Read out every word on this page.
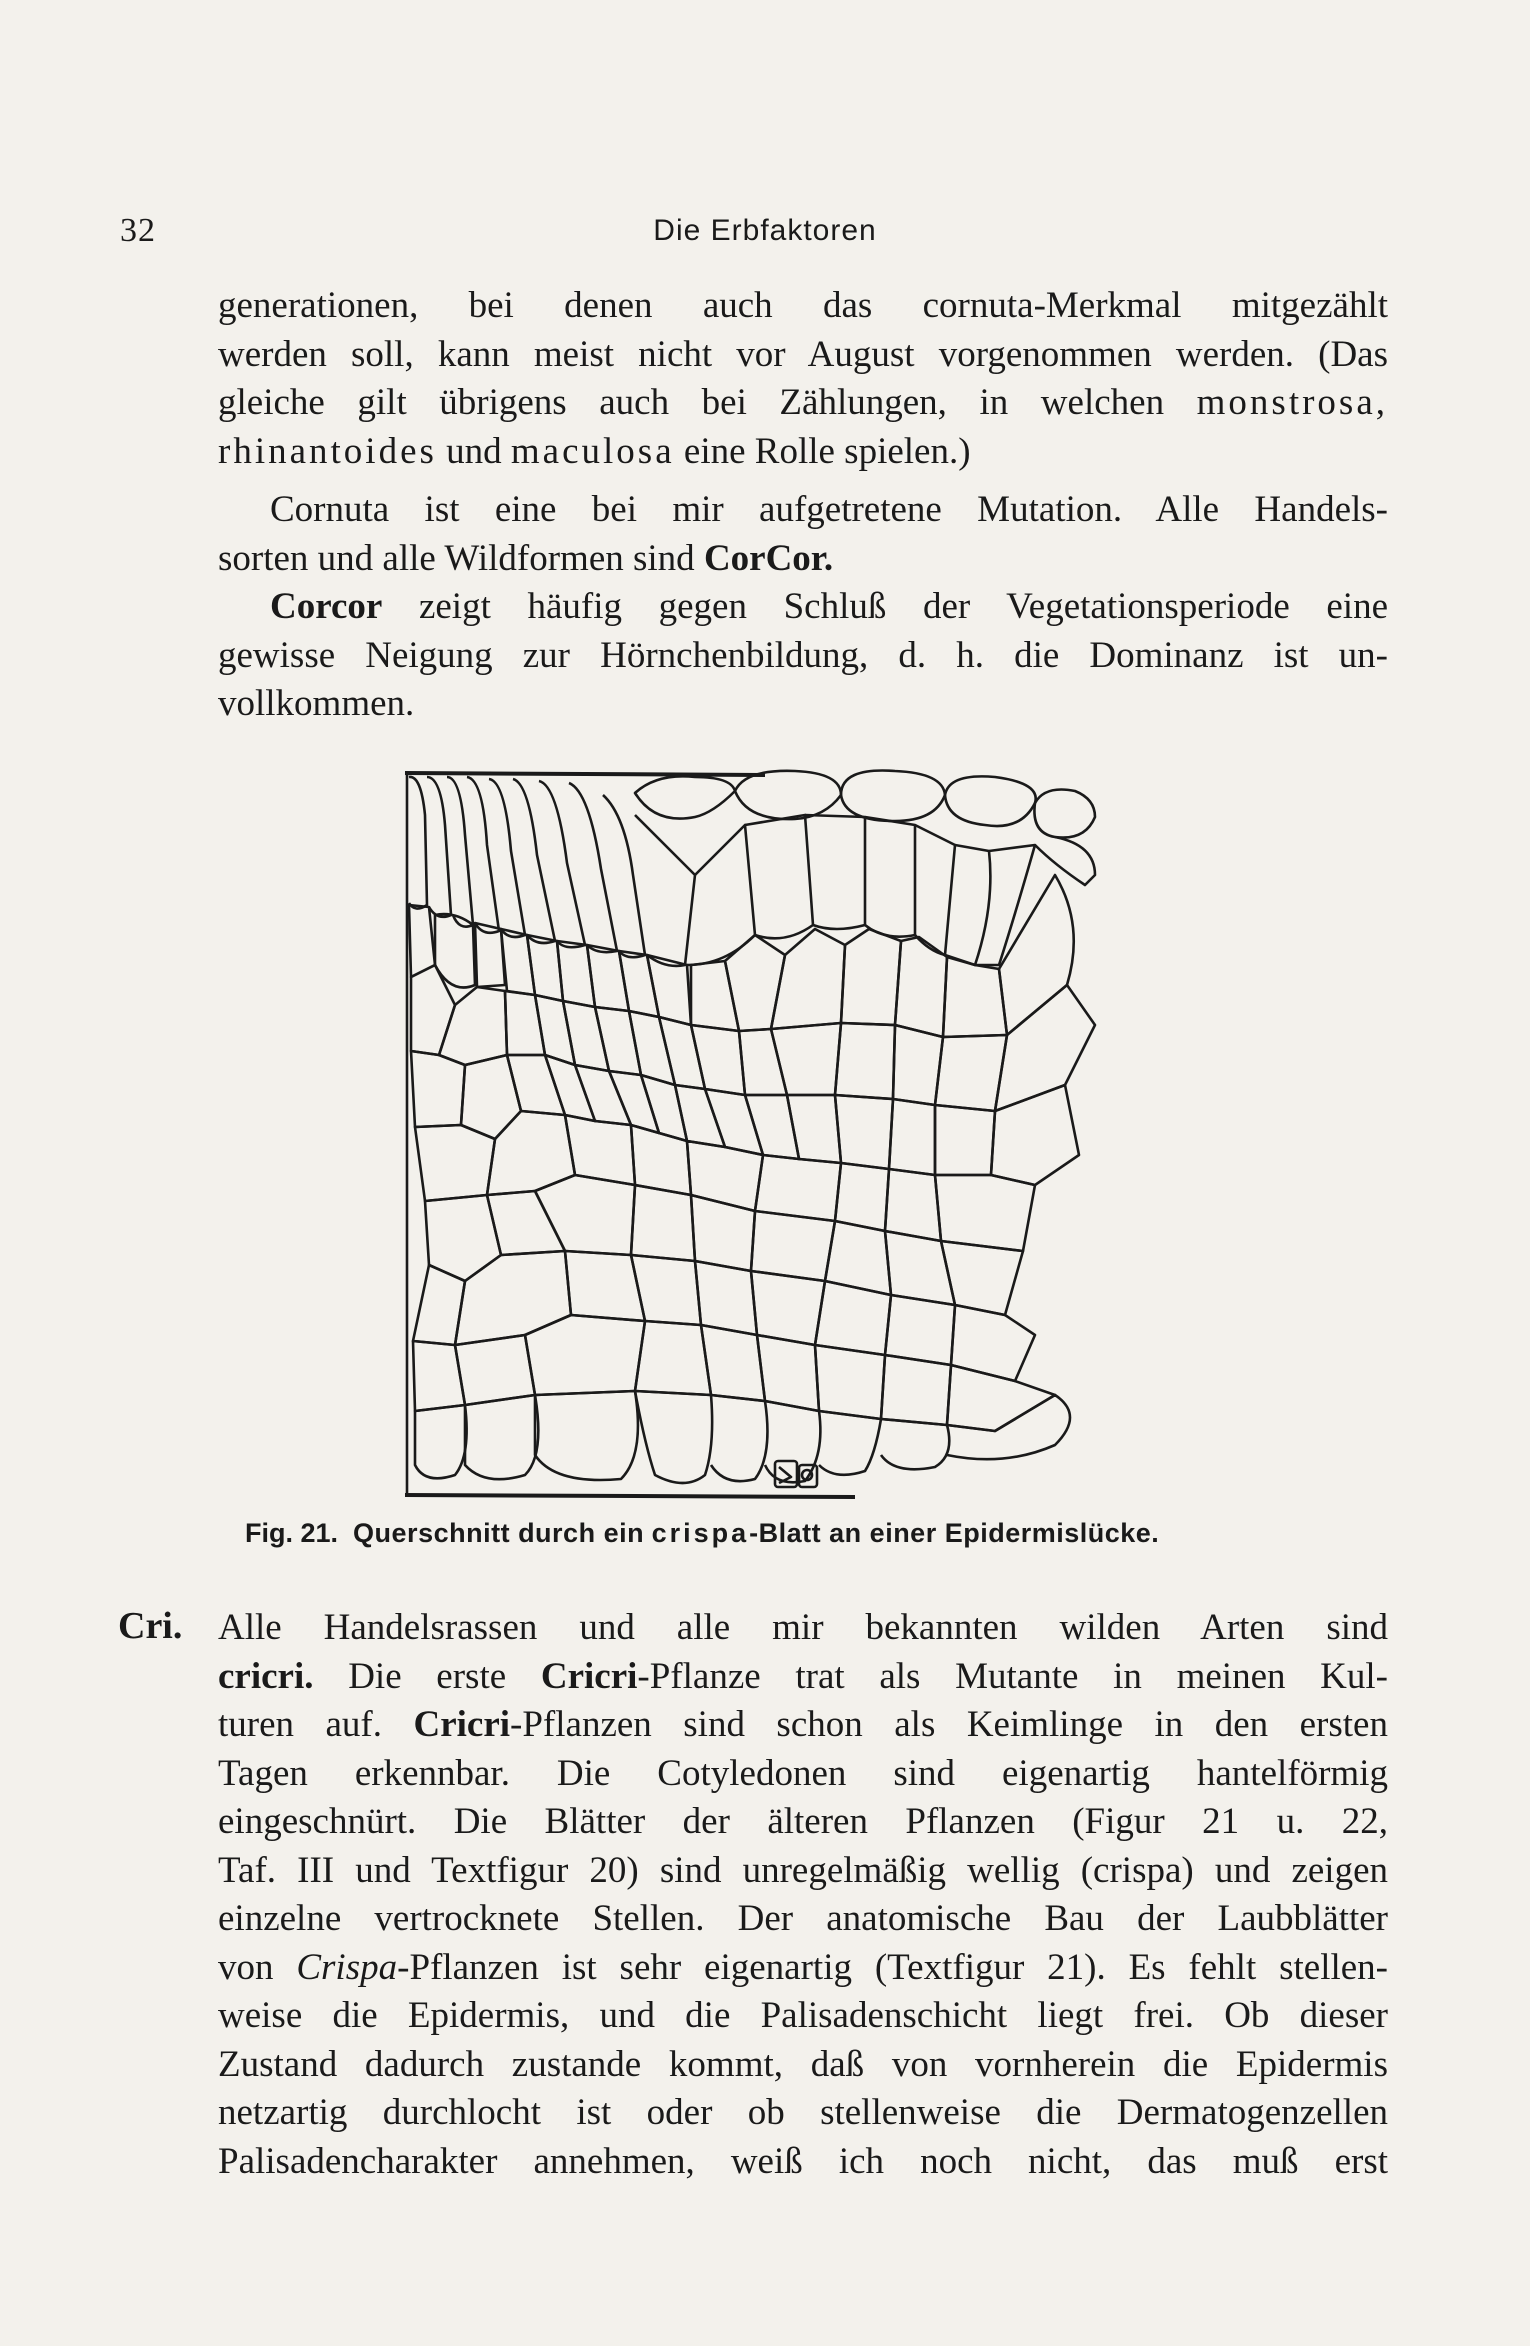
32	Die Erbfaktoren
generationen, bei denen auch das cornuta-Merkmal mitgezählt
werden soll, kann meist nicht vor August vorgenommen werden. (Das
gleiche gilt übrigens auch bei Zählungen, in welchen monstrosa,
rhinantoides und maculosa eine Rolle spielen.)
Cornuta ist eine bei mir aufgetretene Mutation. Alle Handels-
sorten und alle Wildformen sind CorCor.
Corcor zeigt häufig gegen Schluß der Vegetationsperiode eine
gewisse Neigung zur Hörnchenbildung, d. h. die Dominanz ist un-
vollkommen.
Fig. 21. Querschnitt durch ein crispa-Blatt an einer Epidermislücke.
Cri. Alle Handelsrassen und alle mir bekannten wilden Arten sind
cricri. Die erste Cricri-Pflanze trat als Mutante in meinen Kul-
turen auf. Cricri-Pflanzen sind schon als Keimlinge in den ersten
Tagen erkennbar. Die Cotyledonen sind eigenartig hantelförmig
eingeschnürt. Die Blätter der älteren Pflanzen (Figur 21 u. 22,
Taf. III und Textfigur 20) sind unregelmäßig wellig (crispa) und zeigen
einzelne vertrocknete Stellen. Der anatomische Bau der Laubblätter
von Crispa-Pflanzen ist sehr eigenartig (Textfigur 21). Es fehlt stellen-
weise die Epidermis, und die Palisadenschicht liegt frei. Ob dieser
Zustand dadurch zustande kommt, daß von vornherein die Epidermis
netzartig durchlocht ist oder ob stellenweise die Dermatogenzellen
Palisadencharakter annehmen, weiß ich noch nicht, das muß erst
